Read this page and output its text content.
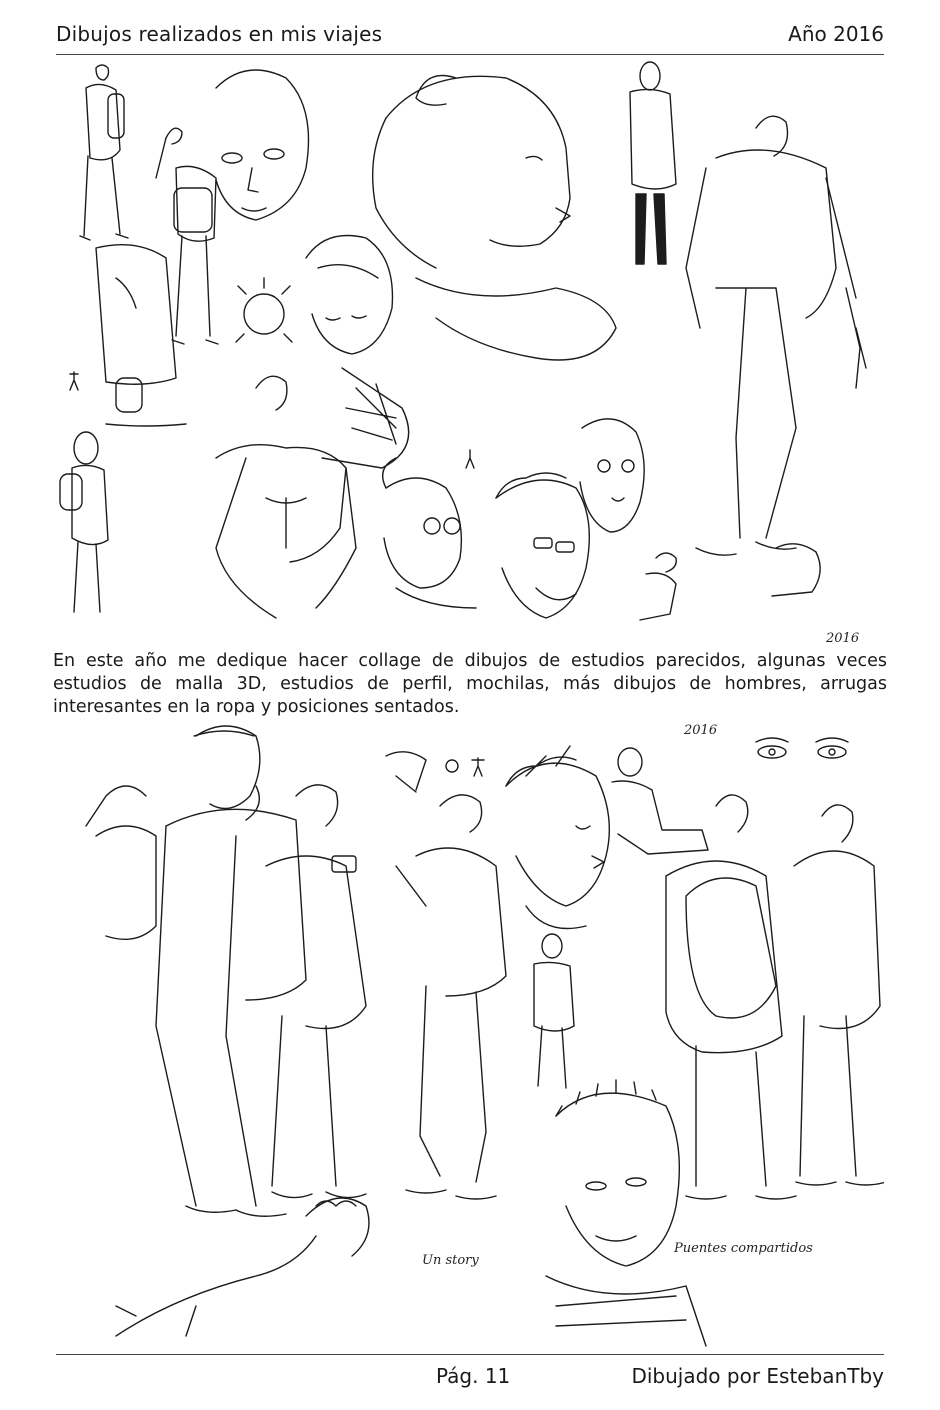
Dibujos realizados en mis viajes	Año 2016
2016
En este año me dedique hacer collage de dibujos de estudios parecidos, algunas veces estudios de malla 3D, estudios de perfil, mochilas, más dibujos de hombres, arrugas interesantes en la ropa y posiciones sentados.
2016
Un story
Puentes compartidos
Pág. 11	Dibujado por EstebanTby
